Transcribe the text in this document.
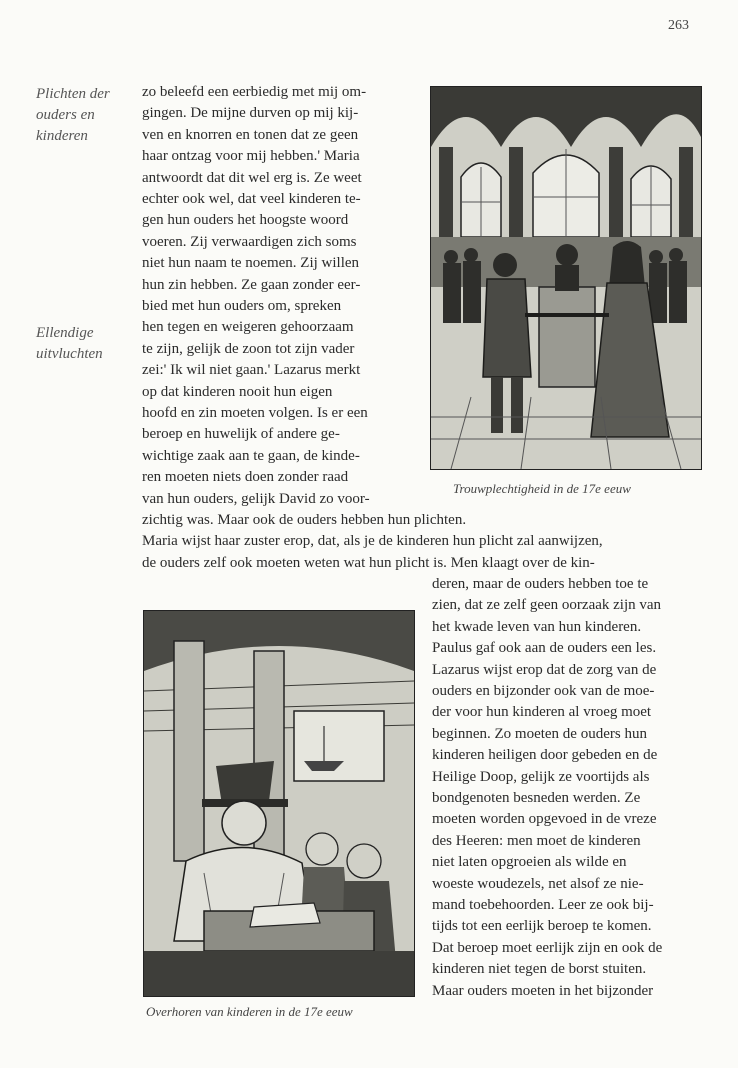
263
Plichten der
ouders en
kinderen
Ellendige
uitvluchten
zo beleefd een eerbiedig met mij om-
gingen. De mijne durven op mij kij-
ven en knorren en tonen dat ze geen
haar ontzag voor mij hebben.' Maria
antwoordt dat dit wel erg is. Ze weet
echter ook wel, dat veel kinderen te-
gen hun ouders het hoogste woord
voeren. Zij verwaardigen zich soms
niet hun naam te noemen. Zij willen
hun zin hebben. Ze gaan zonder eer-
bied met hun ouders om, spreken
hen tegen en weigeren gehoorzaam
te zijn, gelijk de zoon tot zijn vader
zei:' Ik wil niet gaan.' Lazarus merkt
op dat kinderen nooit hun eigen
hoofd en zin moeten volgen. Is er een
beroep en huwelijk of andere ge-
wichtige zaak aan te gaan, de kinde-
ren moeten niets doen zonder raad
van hun ouders, gelijk David zo voor-
zichtig was. Maar ook de ouders hebben hun plichten.
Maria wijst haar zuster erop, dat, als je de kinderen hun plicht zal aanwijzen,
de ouders zelf ook moeten weten wat hun plicht is. Men klaagt over de kin-
deren, maar de ouders hebben toe te
zien, dat ze zelf geen oorzaak zijn van
het kwade leven van hun kinderen.
Paulus gaf ook aan de ouders een les.
Lazarus wijst erop dat de zorg van de
ouders en bijzonder ook van de moe-
der voor hun kinderen al vroeg moet
beginnen. Zo moeten de ouders hun
kinderen heiligen door gebeden en de
Heilige Doop, gelijk ze voortijds als
bondgenoten besneden werden. Ze
moeten worden opgevoed in de vreze
des Heeren: men moet de kinderen
niet laten opgroeien als wilde en
woeste woudezels, net alsof ze nie-
mand toebehoorden. Leer ze ook bij-
tijds tot een eerlijk beroep te komen.
Dat beroep moet eerlijk zijn en ook de
kinderen niet tegen de borst stuiten.
Maar ouders moeten in het bijzonder
Trouwplechtigheid in de 17e eeuw
Overhoren van kinderen in de 17e eeuw
